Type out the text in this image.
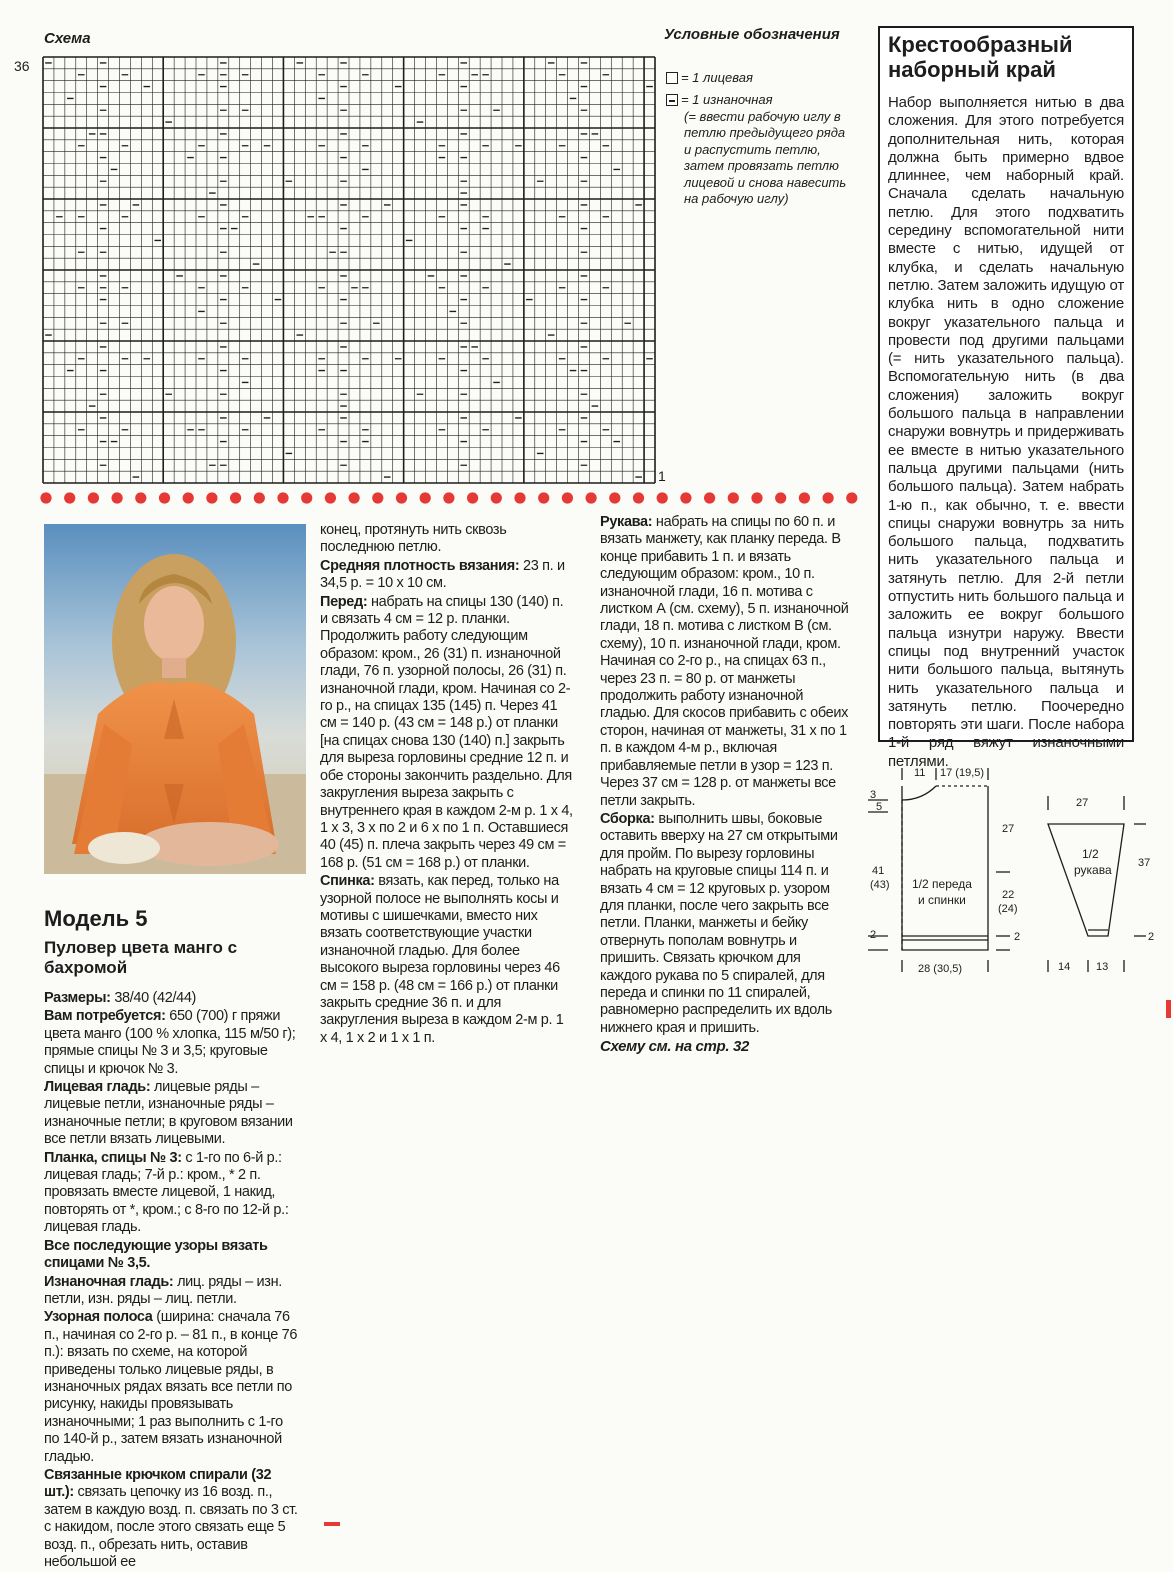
Схема
36
1
Условные обозначения
= 1 лицевая
= 1 изнаночная
(= ввести рабочую иглу в петлю предыдущего ряда и распустить петлю, затем провязать петлю лицевой и снова навесить на рабочую иглу)
Крестообразный наборный край
Набор выполняется нитью в два сложения. Для этого потребуется дополнительная нить, которая должна быть примерно вдвое длиннее, чем наборный край. Сначала сделать начальную петлю. Для этого подхватить середину вспомогательной нити вместе с нитью, идущей от клубка, и сделать начальную петлю. Затем заложить идущую от клубка нить в одно сложение вокруг указательного пальца и провести под другими пальцами (= нить указательного пальца). Вспомогательную нить (в два сложения) заложить вокруг большого пальца в направлении снаружи вовнутрь и придерживать ее вместе в нитью указательного пальца другими пальцами (нить большого пальца). Затем набрать 1-ю п., как обычно, т. е. ввести спицы снаружи вовнутрь за нить большого пальца, подхватить нить указательного пальца и затянуть петлю. Для 2-й петли отпустить нить большого пальца и заложить ее вокруг большого пальца изнутри наружу. Ввести спицы под внутренний участок нити большого пальца, вытянуть нить указательного пальца и затянуть петлю. Поочередно повторять эти шаги. После набора 1-й ряд вяжут изнаночными петлями.
Модель 5
Пуловер цвета манго с бахромой

Размеры: 38/40 (42/44)

Вам потребуется: 650 (700) г пряжи цвета манго (100 % хлопка, 115 м/50 г); прямые спицы № 3 и 3,5; круговые спицы и крючок № 3.

Лицевая гладь: лицевые ряды – лицевые петли, изнаночные ряды – изнаночные петли; в круговом вязании все петли вязать лицевыми.

Планка, спицы № 3: с 1-го по 6-й р.: лицевая гладь; 7-й р.: кром., * 2 п. провязать вместе лицевой, 1 накид, повторять от *, кром.; с 8-го по 12-й р.: лицевая гладь.

Все последующие узоры вязать спицами № 3,5.

Изнаночная гладь: лиц. ряды – изн. петли, изн. ряды – лиц. петли.

Узорная полоса (ширина: сначала 76 п., начиная со 2-го р. – 81 п., в конце 76 п.): вязать по схеме, на которой приведены только лицевые ряды, в изнаночных рядах вязать все петли по рисунку, накиды провязывать изнаночными; 1 раз выполнить с 1-го по 140-й р., затем вязать изнаночной гладью.

Связанные крючком спирали (32 шт.): связать цепочку из 16 возд. п., затем в каждую возд. п. связать по 3 ст. с накидом, после этого связать еще 5 возд. п., обрезать нить, оставив небольшой ее

конец, протянуть нить сквозь последнюю петлю.

Средняя плотность вязания: 23 п. и 34,5 р. = 10 х 10 см.

Перед: набрать на спицы 130 (140) п. и связать 4 см = 12 р. планки. Продолжить работу следующим образом: кром., 26 (31) п. изнаночной глади, 76 п. узорной полосы, 26 (31) п. изнаночной глади, кром. Начиная со 2-го р., на спицах 135 (145) п. Через 41 см = 140 р. (43 см = 148 р.) от планки [на спицах снова 130 (140) п.] закрыть для выреза горловины средние 12 п. и обе стороны закончить раздельно. Для закругления выреза закрыть с внутреннего края в каждом 2-м р. 1 х 4, 1 х 3, 3 х по 2 и 6 х по 1 п. Оставшиеся 40 (45) п. плеча закрыть через 49 см = 168 р. (51 см = 168 р.) от планки.

Спинка: вязать, как перед, только на узорной полосе не выполнять косы и мотивы с шишечками, вместо них вязать соответствующие участки изнаночной гладью. Для более высокого выреза горловины через 46 см = 158 р. (48 см = 166 р.) от планки закрыть средние 36 п. и для закругления выреза в каждом 2-м р. 1 х 4, 1 х 2 и 1 х 1 п.

Рукава: набрать на спицы по 60 п. и вязать манжету, как планку переда. В конце прибавить 1 п. и вязать следующим образом: кром., 10 п. изнаночной глади, 16 п. мотива с листком А (см. схему), 5 п. изнаночной глади, 18 п. мотива с листком В (см. схему), 10 п. изнаночной глади, кром. Начиная со 2-го р., на спицах 63 п., через 23 п. = 80 р. от манжеты продолжить работу изнаночной гладью. Для скосов прибавить с обеих сторон, начиная от манжеты, 31 х по 1 п. в каждом 4-м р., включая прибавляемые петли в узор = 123 п. Через 37 см = 128 р. от манжеты все петли закрыть.

Сборка: выполнить швы, боковые оставить вверху на 27 см открытыми для пройм. По вырезу горловины набрать на круговые спицы 114 п. и вязать 4 см = 12 круговых р. узором для планки, после чего закрыть все петли. Планки, манжеты и бейку отвернуть пополам вовнутрь и пришить. Связать крючком для каждого рукава по 5 спиралей, для переда и спинки по 11 спиралей, равномерно распределить их вдоль нижнего края и пришить.

Схему см. на стр. 32

11 17 (19,5)
3
5
27
41
(43)
22
(24)
1/2 переда
и спинки
2	2
28 (30,5)
27
37
1/2
рукава
2
14 13
